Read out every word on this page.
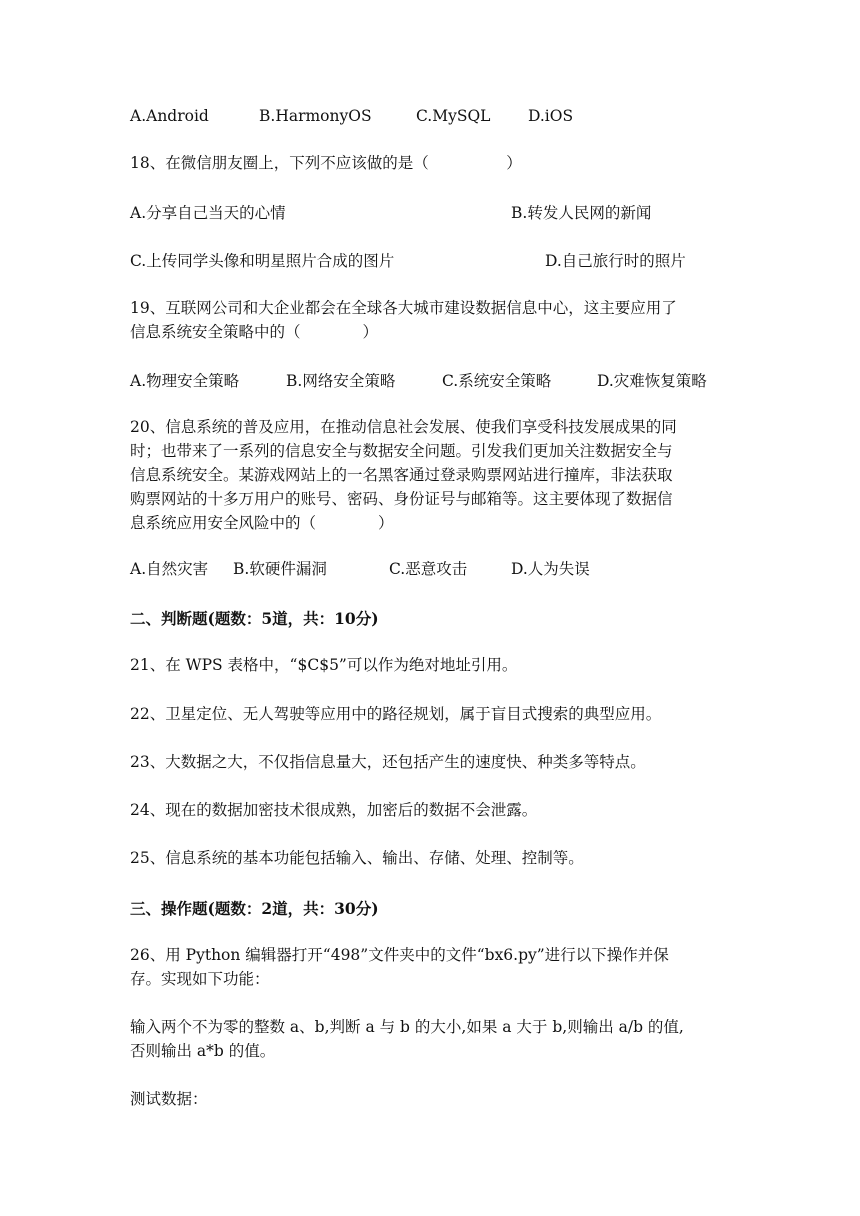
A.Android	B.HarmonyOS	C.MySQL D.iOS
18、在微信朋友圈上，下列不应该做的是（　　　　　）
A.分享自己当天的心情	B.转发人民网的新闻
C.上传同学头像和明星照片合成的图片	D.自己旅行时的照片
19、互联网公司和大企业都会在全球各大城市建设数据信息中心，这主要应用了
信息系统安全策略中的（　　　　）
A.物理安全策略	B.网络安全策略	C.系统安全策略	D.灾难恢复策略
20、信息系统的普及应用，在推动信息社会发展、使我们享受科技发展成果的同
时；也带来了一系列的信息安全与数据安全问题。引发我们更加关注数据安全与
信息系统安全。某游戏网站上的一名黑客通过登录购票网站进行撞库，非法获取
购票网站的十多万用户的账号、密码、身份证号与邮箱等。这主要体现了数据信
息系统应用安全风险中的（　　　　）
A.自然灾害 B.软硬件漏洞	C.恶意攻击	D.人为失误
二、判断题(题数：5道，共：10分)
21、在 WPS 表格中，“$C$5”可以作为绝对地址引用。
22、卫星定位、无人驾驶等应用中的路径规划，属于盲目式搜索的典型应用。
23、大数据之大，不仅指信息量大，还包括产生的速度快、种类多等特点。
24、现在的数据加密技术很成熟，加密后的数据不会泄露。
25、信息系统的基本功能包括输入、输出、存储、处理、控制等。
三、操作题(题数：2道，共：30分)
26、用 Python 编辑器打开“498”文件夹中的文件“bx6.py”进行以下操作并保
存。实现如下功能：
输入两个不为零的整数 a、b,判断 a 与 b 的大小,如果 a 大于 b,则输出 a/b 的值,
否则输出 a*b 的值。
测试数据：
